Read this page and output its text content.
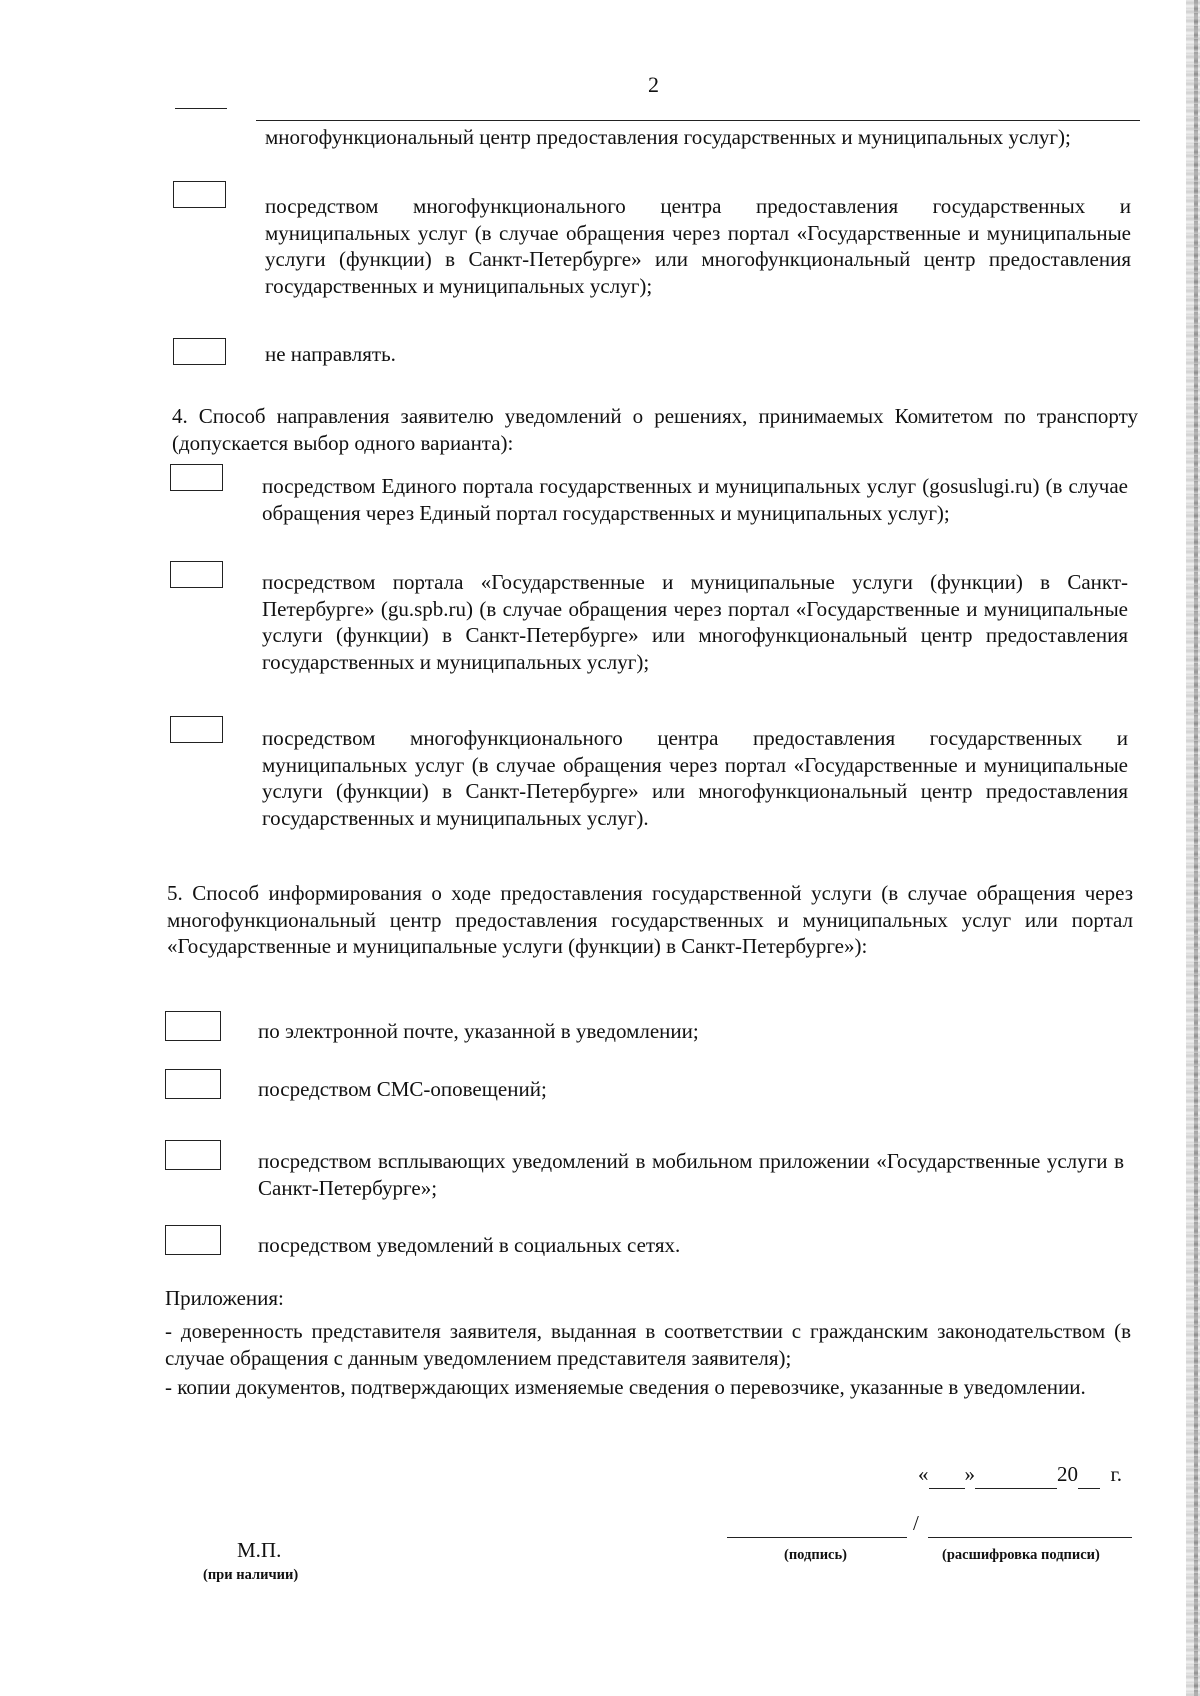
2
многофункциональный центр предоставления государственных и муниципальных услуг);
посредством многофункционального центра предоставления государственных и муниципальных услуг (в случае обращения через портал «Государственные и муниципальные услуги (функции) в Санкт-Петербурге» или многофункциональный центр предоставления государственных и муниципальных услуг);
не направлять.
4. Способ направления заявителю уведомлений о решениях, принимаемых Комитетом по транспорту (допускается выбор одного варианта):
посредством Единого портала государственных и муниципальных услуг (gosuslugi.ru) (в случае обращения через Единый портал государственных и муниципальных услуг);
посредством портала «Государственные и муниципальные услуги (функции) в Санкт-Петербурге» (gu.spb.ru) (в случае обращения через портал «Государственные и муниципальные услуги (функции) в Санкт-Петербурге» или многофункциональный центр предоставления государственных и муниципальных услуг);
посредством многофункционального центра предоставления государственных и муниципальных услуг (в случае обращения через портал «Государственные и муниципальные услуги (функции) в Санкт-Петербурге» или многофункциональный центр предоставления государственных и муниципальных услуг).
5. Способ информирования о ходе предоставления государственной услуги (в случае обращения через многофункциональный центр предоставления государственных и муниципальных услуг или портал «Государственные и муниципальные услуги (функции) в Санкт-Петербурге»):
по электронной почте, указанной в уведомлении;
посредством СМС-оповещений;
посредством всплывающих уведомлений в мобильном приложении «Государственные услуги в Санкт-Петербурге»;
посредством уведомлений в социальных сетях.
Приложения:
- доверенность представителя заявителя, выданная в соответствии с гражданским законодательством (в случае обращения с данным уведомлением представителя заявителя);
- копии документов, подтверждающих изменяемые сведения о перевозчике, указанные в уведомлении.
« »	20 г.
/
(подпись)	(расшифровка подписи)
М.П.
(при наличии)
